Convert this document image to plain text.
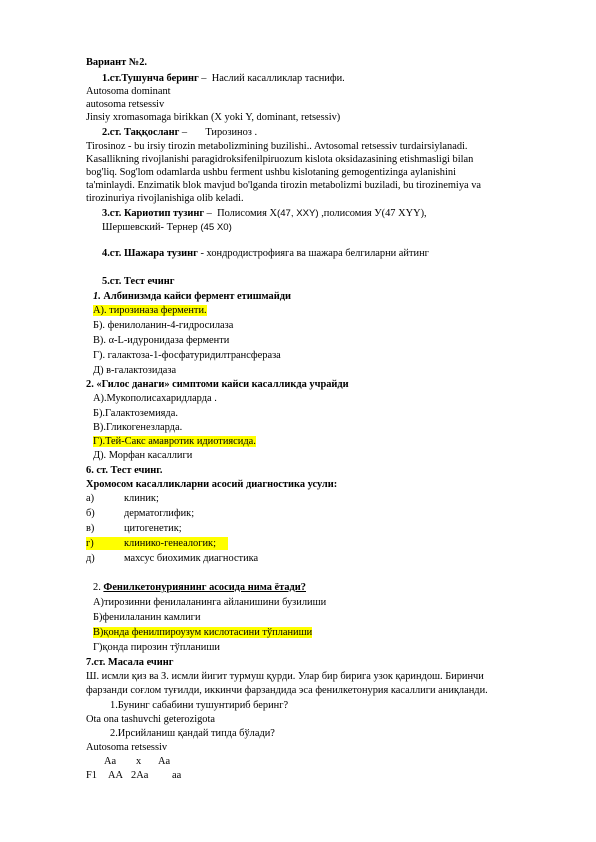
Вариант №2.
1.ст.Тушунча беринг –  Наслий касалликлар таснифи.
Autosoma dominant
autosoma retsessiv
Jinsiy xromasomaga birikkan (X yoki Y, dominant, retsessiv)
2.ст. Таққосланг –       Тирозиноз .
Tirosinoz - bu irsiy tirozin metabolizmining buzilishi.. Avtosomal retsessiv turdairsiylanadi.
Kasallikning rivojlanishi paragidroksifenilpiruozum kislota oksidazasining etishmasligi bilan
bog'liq. Sog'lom odamlarda ushbu ferment ushbu kislotaning gemogentizinga aylanishini
ta'minlaydi. Enzimatik blok mavjud bo'lganda tirozin metabolizmi buziladi, bu tirozinemiya va
tirozinuriya rivojlanishiga olib keladi.
3.ст. Кариотип тузинг –  Полисомия Х(47, XXY) ,полисомия У(47 XYY),
Шершевский- Тернер (45 X0)
4.ст. Шажара тузинг - хондродистрофияга ва шажара белгиларни айтинг
5.ст. Тест ечинг
1. Албинизмда кайси фермент етишмайди
А). тирозиназа ферменти.
Б). фенилоланин-4-гидросилаза
В). α-L-идуронидаза ферменти
Г). галактоза-1-фосфатуридилтрансфераза
Д) в-галактозидаза
2. «Гилос данаги» симптоми кайси касалликда учрайди
А).Мукополисахаридларда .
Б).Галактоземияда.
В).Гликогенезларда.
Г).Тей-Сакс амавротик идиотиясида.
Д). Морфан касаллиги
6. ст. Тест ечинг.
Хромосом касалликларни асосий диагностика усули:
а)	клиник;
б)	дерматоглифик;
в)	цитогенетик;
г)	клинико-генеалогик;
д)	махсус биохимик диагностика
2. Фенилкетонуриянинг асосида нима ётади?
А)тирозинни фенилаланинга айланишини бузилиши
Б)фенилаланин камлиги
В)қонда фенилпироузум кислотасини тўпланиши
Г)қонда пирозин тўпланиши
7.ст. Масала ечинг
Ш. исмли қиз ва З. исмли йигит турмуш қурди. Улар бир бирига узок қариндош. Биринчи
фарзанди соғлом туғилди, иккинчи фарзандида эса фенилкетонурия касаллиги аниқланди.
1.Бунинг сабабини тушунтириб беринг?
Ota ona tashuvchi geterozigota
2.Ирсийланиш қандай типда бўлади?
Autosoma retsessiv
Aa x Aa
F1 AA 2Aa aa
